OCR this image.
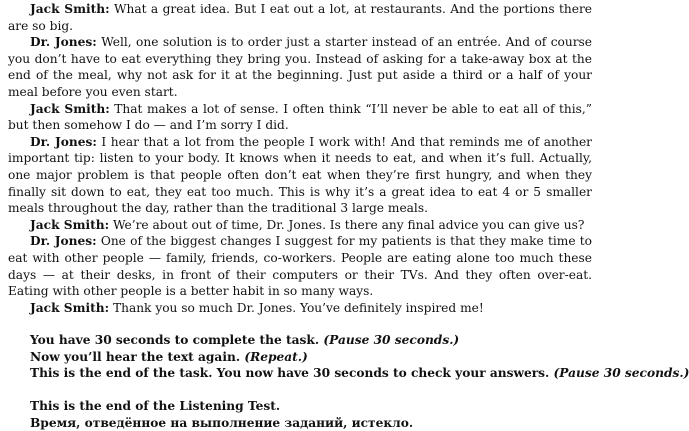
Jack Smith: What a great idea. But I eat out a lot, at restaurants. And the portions there are so big.

Dr. Jones: Well, one solution is to order just a starter instead of an entrée. And of course you don’t have to eat everything they bring you. Instead of asking for a take-away box at the end of the meal, why not ask for it at the beginning. Just put aside a third or a half of your meal before you even start.

Jack Smith: That makes a lot of sense. I often think “I’ll never be able to eat all of this,” but then somehow I do — and I’m sorry I did.

Dr. Jones: I hear that a lot from the people I work with! And that reminds me of another important tip: listen to your body. It knows when it needs to eat, and when it’s full. Actually, one major problem is that people often don’t eat when they’re first hungry, and when they finally sit down to eat, they eat too much. This is why it’s a great idea to eat 4 or 5 smaller meals throughout the day, rather than the traditional 3 large meals.

Jack Smith: We’re about out of time, Dr. Jones. Is there any final advice you can give us?

Dr. Jones: One of the biggest changes I suggest for my patients is that they make time to eat with other people — family, friends, co-workers. People are eating alone too much these days — at their desks, in front of their computers or their TVs. And they often over-eat. Eating with other people is a better habit in so many ways.

Jack Smith: Thank you so much Dr. Jones. You’ve definitely inspired me!

You have 30 seconds to complete the task. (Pause 30 seconds.)

Now you’ll hear the text again. (Repeat.)

This is the end of the task. You now have 30 seconds to check your answers. (Pause 30 seconds.)

This is the end of the Listening Test.

Время, отведённое на выполнение заданий, истекло.
